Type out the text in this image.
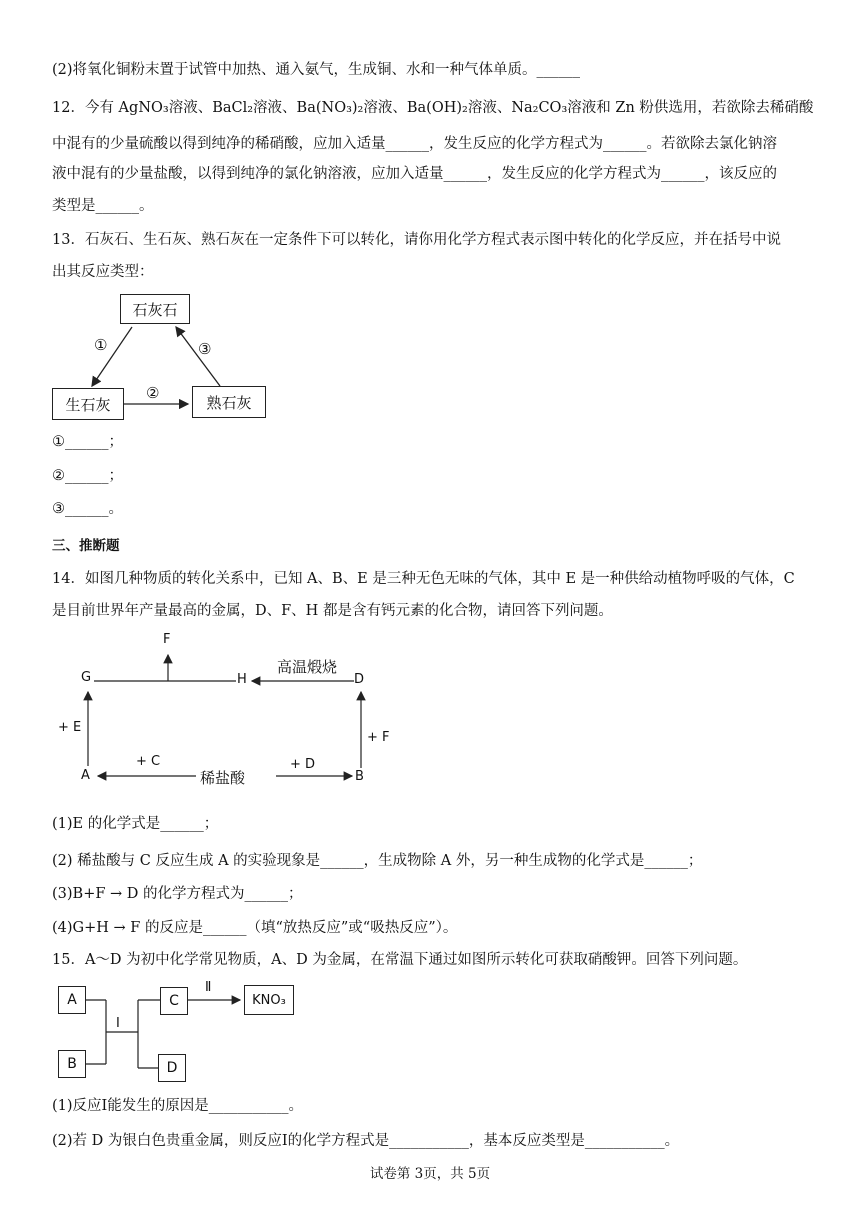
(2)将氧化铜粉末置于试管中加热、通入氨气，生成铜、水和一种气体单质。______
12．今有 AgNO₃溶液、BaCl₂溶液、Ba(NO₃)₂溶液、Ba(OH)₂溶液、Na₂CO₃溶液和 Zn 粉供选用，若欲除去稀硝酸
中混有的少量硫酸以得到纯净的稀硝酸，应加入适量______，发生反应的化学方程式为______。若欲除去氯化钠溶
液中混有的少量盐酸，以得到纯净的氯化钠溶液，应加入适量______，发生反应的化学方程式为______，该反应的
类型是______。
13．石灰石、生石灰、熟石灰在一定条件下可以转化，请你用化学方程式表示图中转化的化学反应，并在括号中说
出其反应类型：
石灰石
生石灰	熟石灰
①
②
③
①______；
②______；
③______。
三、推断题
14．如图几种物质的转化关系中，已知 A、B、E 是三种无色无味的气体，其中 E 是一种供给动植物呼吸的气体，C
是目前世界年产量最高的金属，D、F、H 都是含有钙元素的化合物，请回答下列问题。
G	H	D
F
A	B
高温煅烧
+ E
+ F
+ C	+ D
稀盐酸
(1)E 的化学式是______；
(2) 稀盐酸与 C 反应生成 A 的实验现象是______，生成物除 A 外，另一种生成物的化学式是______；
(3)B+F → D 的化学方程式为______；
(4)G+H → F 的反应是______（填“放热反应”或“吸热反应”）。
15．A～D 为初中化学常见物质，A、D 为金属，在常温下通过如图所示转化可获取硝酸钾。回答下列问题。
A
B
C
D
KNO₃
I
Ⅱ
(1)反应Ⅰ能发生的原因是___________。
(2)若 D 为银白色贵重金属，则反应Ⅰ的化学方程式是___________，基本反应类型是___________。
试卷第 3页，共 5页
